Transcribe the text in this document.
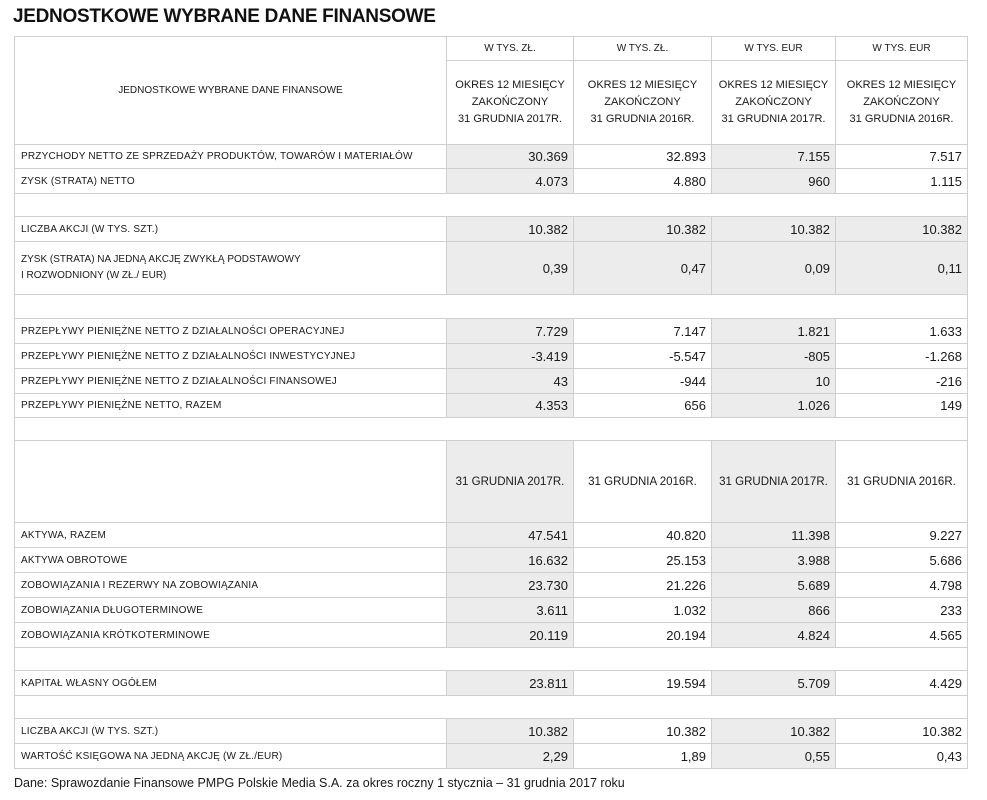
JEDNOSTKOWE WYBRANE DANE FINANSOWE
JEDNOSTKOWE WYBRANE DANE FINANSOWE	W TYS. ZŁ.	W TYS. ZŁ.	W TYS. EUR	W TYS. EUR
	OKRES 12 MIESIĘCY
ZAKOŃCZONY
31 GRUDNIA 2017R.	OKRES 12 MIESIĘCY
ZAKOŃCZONY
31 GRUDNIA 2016R.	OKRES 12 MIESIĘCY
ZAKOŃCZONY
31 GRUDNIA 2017R.	OKRES 12 MIESIĘCY
ZAKOŃCZONY
31 GRUDNIA 2016R.
PRZYCHODY NETTO ZE SPRZEDAŻY PRODUKTÓW, TOWARÓW I MATERIAŁÓW	30.369	32.893	7.155	7.517
ZYSK (STRATA) NETTO	4.073	4.880	960	1.115

LICZBA AKCJI (W TYS. SZT.)	10.382	10.382	10.382	10.382
ZYSK (STRATA) NA JEDNĄ AKCJĘ ZWYKŁĄ PODSTAWOWY
I ROZWODNIONY (W ZŁ./ EUR)	0,39	0,47	0,09	0,11

PRZEPŁYWY PIENIĘŻNE NETTO Z DZIAŁALNOŚCI OPERACYJNEJ	7.729	7.147	1.821	1.633
PRZEPŁYWY PIENIĘŻNE NETTO Z DZIAŁALNOŚCI INWESTYCYJNEJ	-3.419	-5.547	-805	-1.268
PRZEPŁYWY PIENIĘŻNE NETTO Z DZIAŁALNOŚCI FINANSOWEJ	43	-944	10	-216
PRZEPŁYWY PIENIĘŻNE NETTO, RAZEM	4.353	656	1.026	149

	31 GRUDNIA 2017R.	31 GRUDNIA 2016R.	31 GRUDNIA 2017R.	31 GRUDNIA 2016R.
AKTYWA, RAZEM	47.541	40.820	11.398	9.227
AKTYWA OBROTOWE	16.632	25.153	3.988	5.686
ZOBOWIĄZANIA I REZERWY NA ZOBOWIĄZANIA	23.730	21.226	5.689	4.798
ZOBOWIĄZANIA DŁUGOTERMINOWE	3.611	1.032	866	233
ZOBOWIĄZANIA KRÓTKOTERMINOWE	20.119	20.194	4.824	4.565

KAPITAŁ WŁASNY OGÓŁEM	23.811	19.594	5.709	4.429

LICZBA AKCJI (W TYS. SZT.)	10.382	10.382	10.382	10.382
WARTOŚĆ KSIĘGOWA NA JEDNĄ AKCJĘ (W ZŁ./EUR)	2,29	1,89	0,55	0,43
Dane: Sprawozdanie Finansowe PMPG Polskie Media S.A. za okres roczny 1 stycznia – 31 grudnia 2017 roku
